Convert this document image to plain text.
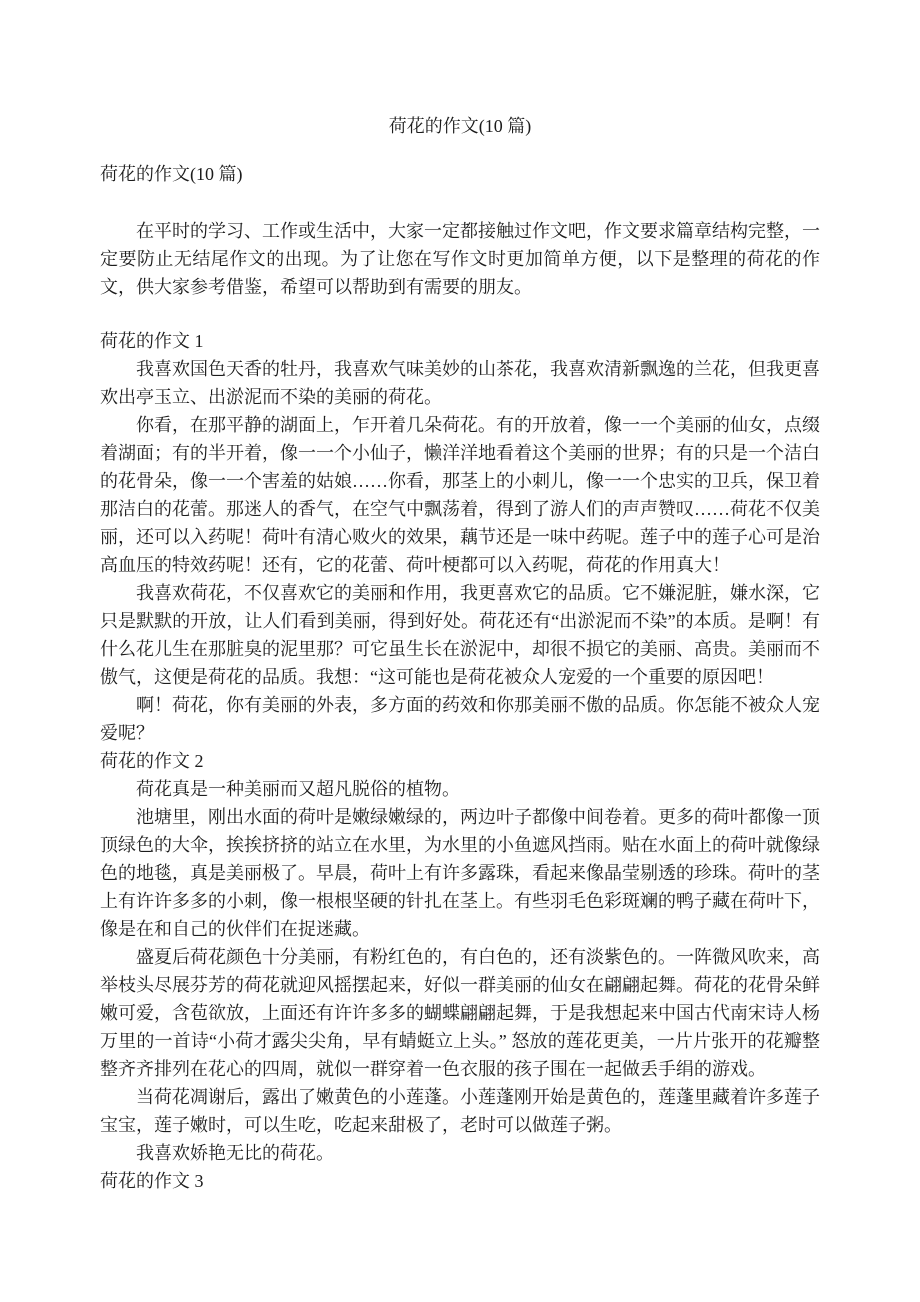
荷花的作文(10 篇)

荷花的作文(10 篇)

在平时的学习、工作或生活中，大家一定都接触过作文吧，作文要求篇章结构完整，一定要防止无结尾作文的出现。为了让您在写作文时更加简单方便，以下是整理的荷花的作文，供大家参考借鉴，希望可以帮助到有需要的朋友。

荷花的作文 1

我喜欢国色天香的牡丹，我喜欢气味美妙的山茶花，我喜欢清新飘逸的兰花，但我更喜欢出亭玉立、出淤泥而不染的美丽的荷花。

你看，在那平静的湖面上，乍开着几朵荷花。有的开放着，像一一个美丽的仙女，点缀着湖面；有的半开着，像一一个小仙子，懒洋洋地看着这个美丽的世界；有的只是一个洁白的花骨朵，像一一个害羞的姑娘……你看，那茎上的小刺儿，像一一个忠实的卫兵，保卫着那洁白的花蕾。那迷人的香气，在空气中飘荡着，得到了游人们的声声赞叹……荷花不仅美丽，还可以入药呢！荷叶有清心败火的效果，藕节还是一味中药呢。莲子中的莲子心可是治高血压的特效药呢！还有，它的花蕾、荷叶梗都可以入药呢，荷花的作用真大！

我喜欢荷花，不仅喜欢它的美丽和作用，我更喜欢它的品质。它不嫌泥脏，嫌水深，它只是默默的开放，让人们看到美丽，得到好处。荷花还有“出淤泥而不染”的本质。是啊！有什么花儿生在那脏臭的泥里那？可它虽生长在淤泥中，却很不损它的美丽、高贵。美丽而不傲气，这便是荷花的品质。我想：“这可能也是荷花被众人宠爱的一个重要的原因吧！

啊！荷花，你有美丽的外表，多方面的药效和你那美丽不傲的品质。你怎能不被众人宠爱呢？

荷花的作文 2

荷花真是一种美丽而又超凡脱俗的植物。

池塘里，刚出水面的荷叶是嫩绿嫩绿的，两边叶子都像中间卷着。更多的荷叶都像一顶顶绿色的大伞，挨挨挤挤的站立在水里，为水里的小鱼遮风挡雨。贴在水面上的荷叶就像绿色的地毯，真是美丽极了。早晨，荷叶上有许多露珠，看起来像晶莹剔透的珍珠。荷叶的茎上有许许多多的小刺，像一根根坚硬的针扎在茎上。有些羽毛色彩斑斓的鸭子藏在荷叶下，像是在和自己的伙伴们在捉迷藏。

盛夏后荷花颜色十分美丽，有粉红色的，有白色的，还有淡紫色的。一阵微风吹来，高举枝头尽展芬芳的荷花就迎风摇摆起来，好似一群美丽的仙女在翩翩起舞。荷花的花骨朵鲜嫩可爱，含苞欲放，上面还有许许多多的蝴蝶翩翩起舞，于是我想起来中国古代南宋诗人杨万里的一首诗“小荷才露尖尖角，早有蜻蜓立上头。” 怒放的莲花更美，一片片张开的花瓣整整齐齐排列在花心的四周，就似一群穿着一色衣服的孩子围在一起做丢手绢的游戏。

当荷花凋谢后，露出了嫩黄色的小莲蓬。小莲蓬刚开始是黄色的，莲蓬里藏着许多莲子宝宝，莲子嫩时，可以生吃，吃起来甜极了，老时可以做莲子粥。

我喜欢娇艳无比的荷花。

荷花的作文 3
